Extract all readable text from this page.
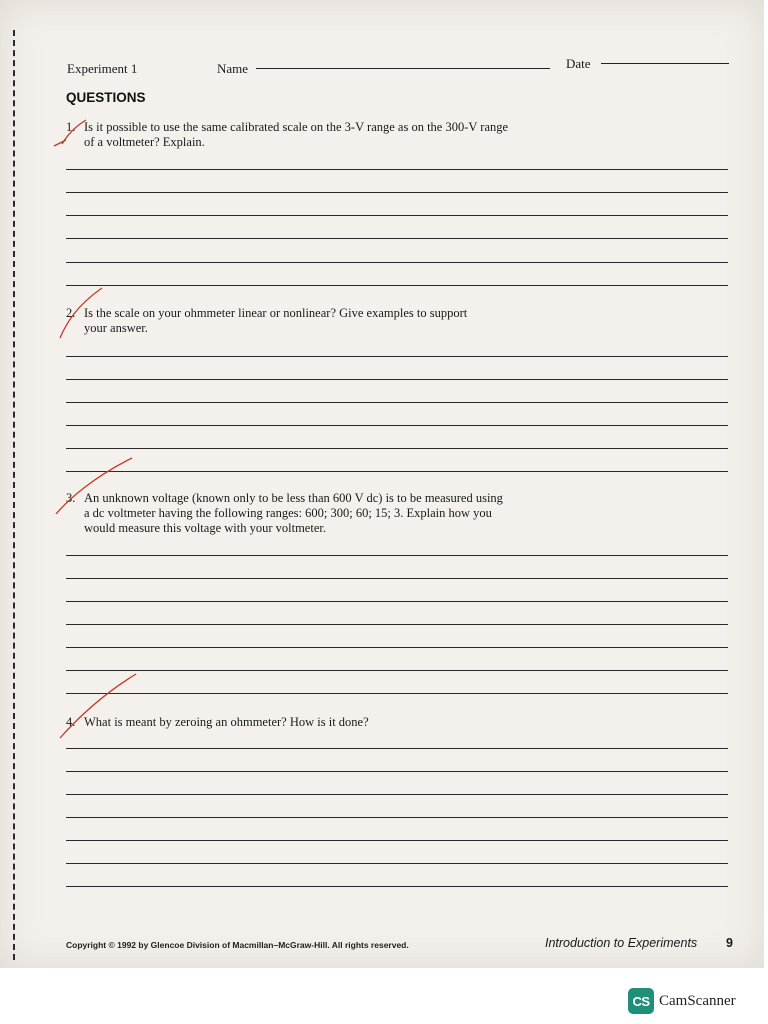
Experiment 1	Name	Date
QUESTIONS
1. Is it possible to use the same calibrated scale on the 3-V range as on the 300-V range
of a voltmeter? Explain.
2. Is the scale on your ohmmeter linear or nonlinear? Give examples to support
your answer.
3. An unknown voltage (known only to be less than 600 V dc) is to be measured using
a dc voltmeter having the following ranges: 600; 300; 60; 15; 3. Explain how you
would measure this voltage with your voltmeter.
4. What is meant by zeroing an ohmmeter? How is it done?
Copyright © 1992 by Glencoe Division of Macmillan–McGraw-Hill. All rights reserved.	Introduction to Experiments 9
CS CamScanner
